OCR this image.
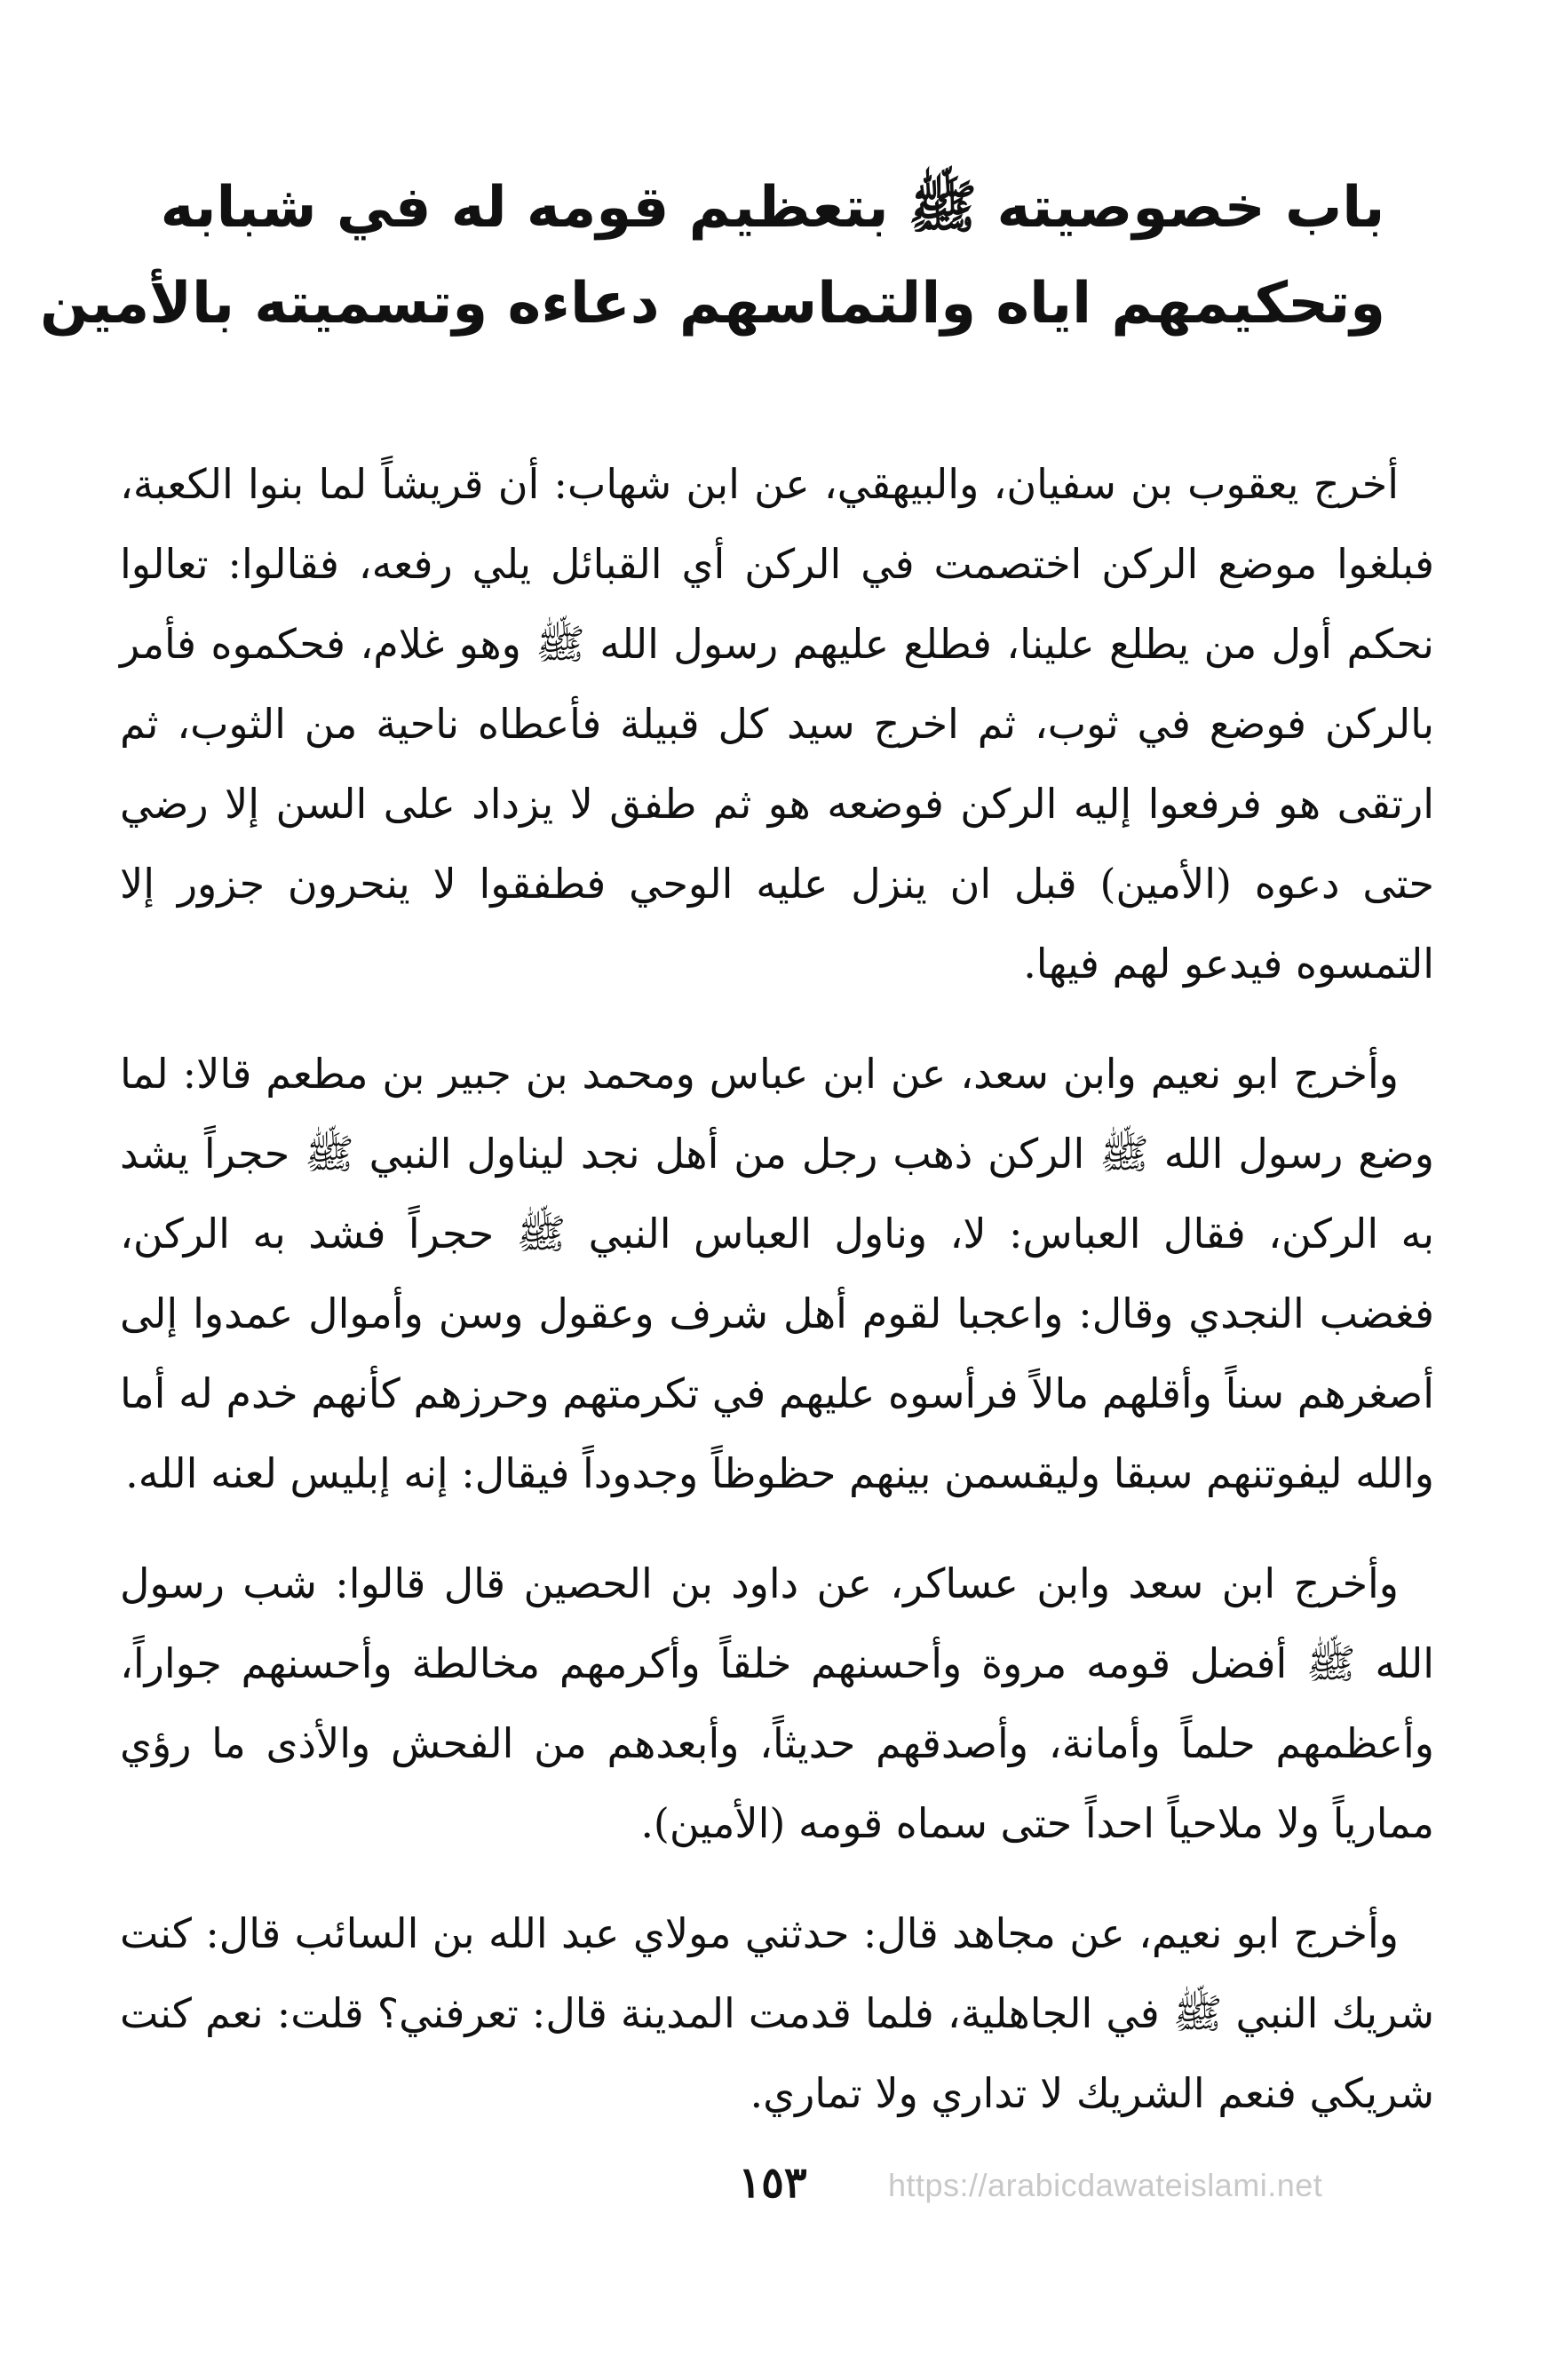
باب خصوصيته ﷺ بتعظيم قومه له في شبابه
وتحكيمهم اياه والتماسهم دعاءه وتسميته بالأمين

أخرج يعقوب بن سفيان، والبيهقي، عن ابن شهاب: أن قريشاً لما بنوا الكعبة، فبلغوا موضع الركن اختصمت في الركن أي القبائل يلي رفعه، فقالوا: تعالوا نحكم أول من يطلع علينا، فطلع عليهم رسول الله ﷺ وهو غلام، فحكموه فأمر بالركن فوضع في ثوب، ثم اخرج سيد كل قبيلة فأعطاه ناحية من الثوب، ثم ارتقى هو فرفعوا إليه الركن فوضعه هو ثم طفق لا يزداد على السن إلا رضي حتى دعوه (الأمين) قبل ان ينزل عليه الوحي فطفقوا لا ينحرون جزور إلا التمسوه فيدعو لهم فيها.

وأخرج ابو نعيم وابن سعد، عن ابن عباس ومحمد بن جبير بن مطعم قالا: لما وضع رسول الله ﷺ الركن ذهب رجل من أهل نجد ليناول النبي ﷺ حجراً يشد به الركن، فقال العباس: لا، وناول العباس النبي ﷺ حجراً فشد به الركن، فغضب النجدي وقال: واعجبا لقوم أهل شرف وعقول وسن وأموال عمدوا إلى أصغرهم سناً وأقلهم مالاً فرأسوه عليهم في تكرمتهم وحرزهم كأنهم خدم له أما والله ليفوتنهم سبقا وليقسمن بينهم حظوظاً وجدوداً فيقال: إنه إبليس لعنه الله.

وأخرج ابن سعد وابن عساكر، عن داود بن الحصين قال قالوا: شب رسول الله ﷺ أفضل قومه مروة وأحسنهم خلقاً وأكرمهم مخالطة وأحسنهم جواراً، وأعظمهم حلماً وأمانة، وأصدقهم حديثاً، وأبعدهم من الفحش والأذى ما رؤي ممارياً ولا ملاحياً احداً حتى سماه قومه (الأمين).

وأخرج ابو نعيم، عن مجاهد قال: حدثني مولاي عبد الله بن السائب قال: كنت شريك النبي ﷺ في الجاهلية، فلما قدمت المدينة قال: تعرفني؟ قلت: نعم كنت شريكي فنعم الشريك لا تداري ولا تماري.

١٥٣	https://arabicdawateislami.net
